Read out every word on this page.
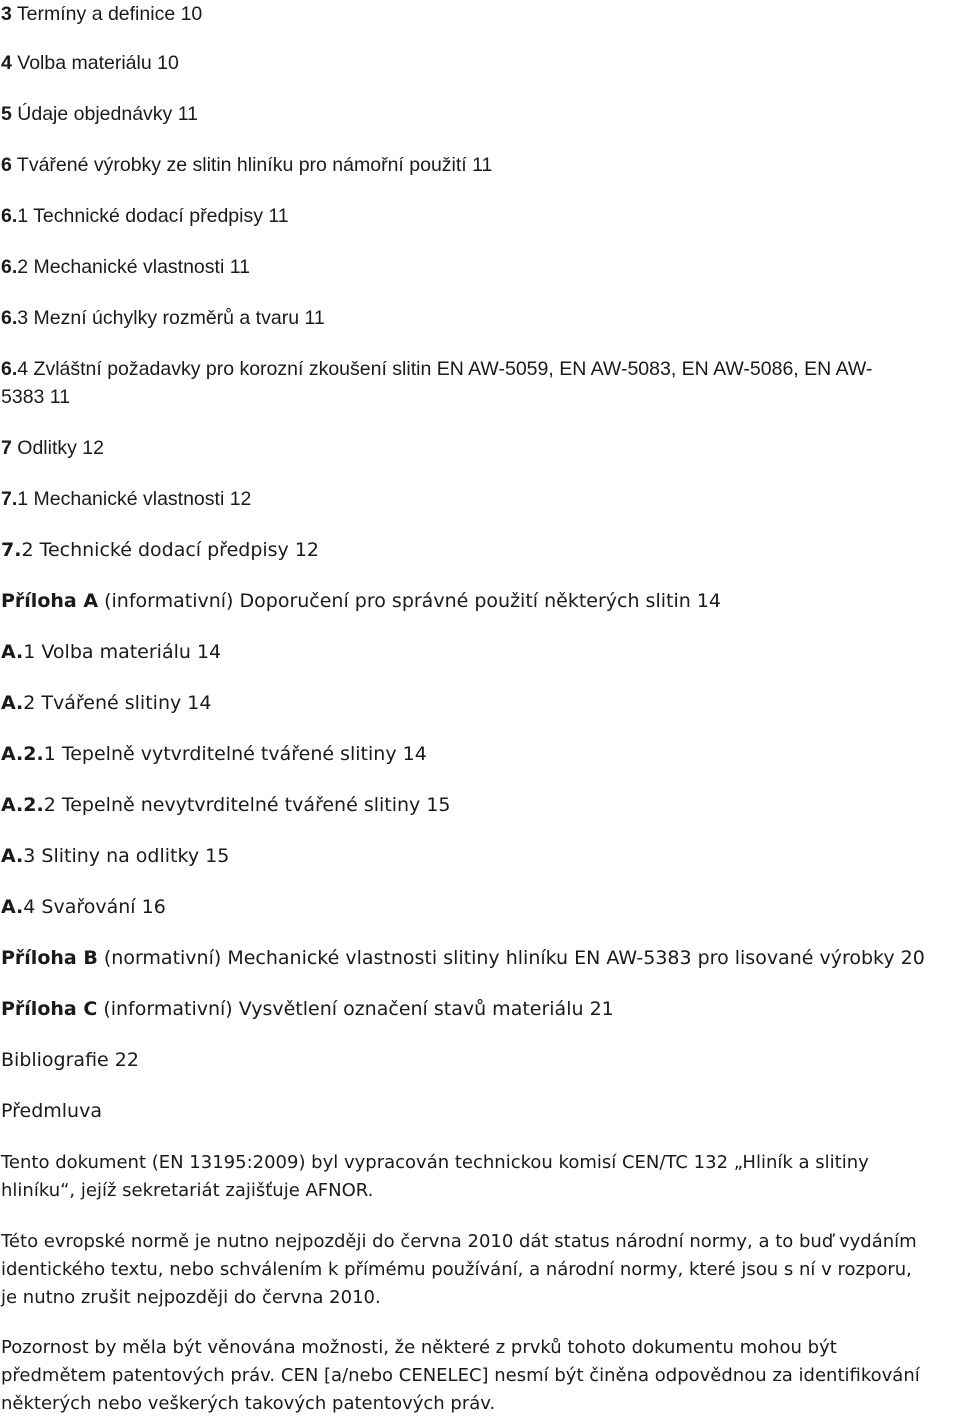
3 Termíny a definice 10
4 Volba materiálu 10
5 Údaje objednávky 11
6 Tvářené výrobky ze slitin hliníku pro námořní použití 11
6.1 Technické dodací předpisy 11
6.2 Mechanické vlastnosti 11
6.3 Mezní úchylky rozměrů a tvaru 11
6.4 Zvláštní požadavky pro korozní zkoušení slitin EN AW-5059, EN AW-5083, EN AW-5086, EN AW-
5383 11
7 Odlitky 12
7.1 Mechanické vlastnosti 12
7.2 Technické dodací předpisy 12
Příloha A (informativní) Doporučení pro správné použití některých slitin 14
A.1 Volba materiálu 14
A.2 Tvářené slitiny 14
A.2.1 Tepelně vytvrditelné tvářené slitiny 14
A.2.2 Tepelně nevytvrditelné tvářené slitiny 15
A.3 Slitiny na odlitky 15
A.4 Svařování 16
Příloha B (normativní) Mechanické vlastnosti slitiny hliníku EN AW-5383 pro lisované výrobky 20
Příloha C (informativní) Vysvětlení označení stavů materiálu 21
Bibliografie 22
Předmluva
Tento dokument (EN 13195:2009) byl vypracován technickou komisí CEN/TC 132 „Hliník a slitiny
hliníku“, jejíž sekretariát zajišťuje AFNOR.
Této evropské normě je nutno nejpozději do června 2010 dát status národní normy, a to buď vydáním
identického textu, nebo schválením k přímému používání, a národní normy, které jsou s ní v rozporu,
je nutno zrušit nejpozději do června 2010.
Pozornost by měla být věnována možnosti, že některé z prvků tohoto dokumentu mohou být
předmětem patentových práv. CEN [a/nebo CENELEC] nesmí být činěna odpovědnou za identifikování
některých nebo veškerých takových patentových práv.
